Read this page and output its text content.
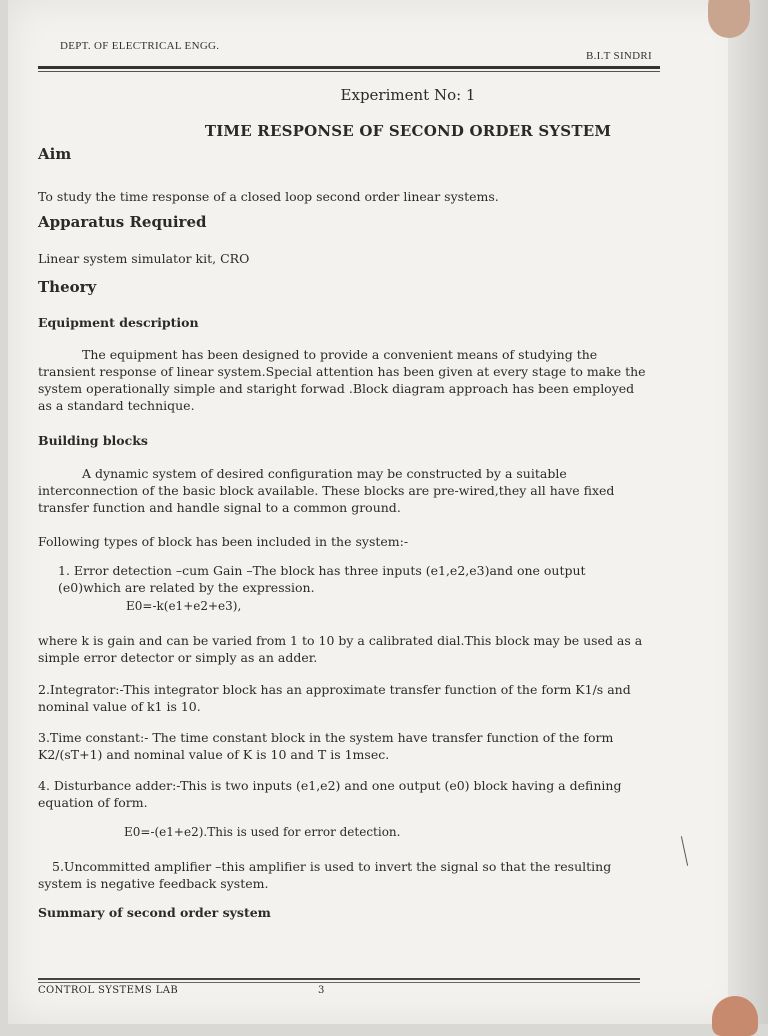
DEPT. OF ELECTRICAL ENGG.
B.I.T SINDRI
Experiment No: 1
TIME RESPONSE OF SECOND ORDER SYSTEM
Aim
To study the time response of a closed loop second order linear systems.
Apparatus Required
Linear system simulator kit, CRO
Theory
Equipment description
The equipment has been designed to provide a convenient means of studying the transient response of linear system.Special attention has been given at every stage to make the system operationally simple and staright forwad .Block diagram approach has been employed as a standard technique.
Building blocks
A dynamic system of desired configuration may be constructed by a suitable interconnection of the basic block available. These blocks are pre-wired,they all have fixed transfer function and handle signal to a common ground.
Following types of block has been included in the system:-
1. Error detection –cum Gain –The block has three inputs (e1,e2,e3)and one output (e0)which are related by the expression.
E0=-k(e1+e2+e3),
where k is gain and can be varied from 1 to 10 by a calibrated dial.This block may be used as a simple error detector or simply as an adder.
2.Integrator:-This integrator block has an approximate transfer function of the form K1/s and nominal value of k1 is 10.
3.Time constant:- The time constant block in the system have transfer function of the form K2/(sT+1) and nominal value of K is 10 and T is 1msec.
4. Disturbance adder:-This is two inputs (e1,e2) and one output (e0) block having a defining equation of form.
E0=-(e1+e2).This is used for error detection.
5.Uncommitted amplifier –this amplifier is used to invert the signal so that the resulting system is negative feedback system.
Summary of second order system
CONTROL SYSTEMS LAB	3
